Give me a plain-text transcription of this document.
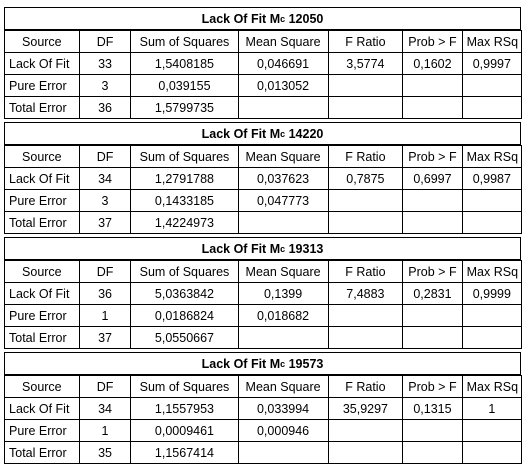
Lack Of Fit M c 12050
Source	DF	Sum of Squares	Mean Square	F Ratio	Prob > F	Max RSq
Lack Of Fit	33	1,5408185	0,046691	3,5774	0,1602	0,9997
Pure Error	3	0,039155	0,013052			
Total Error	36	1,5799735				
Lack Of Fit M c 14220
Source	DF	Sum of Squares	Mean Square	F Ratio	Prob > F	Max RSq
Lack Of Fit	34	1,2791788	0,037623	0,7875	0,6997	0,9987
Pure Error	3	0,1433185	0,047773			
Total Error	37	1,4224973				
Lack Of Fit M c 19313
Source	DF	Sum of Squares	Mean Square	F Ratio	Prob > F	Max RSq
Lack Of Fit	36	5,0363842	0,1399	7,4883	0,2831	0,9999
Pure Error	1	0,0186824	0,018682			
Total Error	37	5,0550667				
Lack Of Fit M c 19573
Source	DF	Sum of Squares	Mean Square	F Ratio	Prob > F	Max RSq
Lack Of Fit	34	1,1557953	0,033994	35,9297	0,1315	1
Pure Error	1	0,0009461	0,000946			
Total Error	35	1,1567414				
